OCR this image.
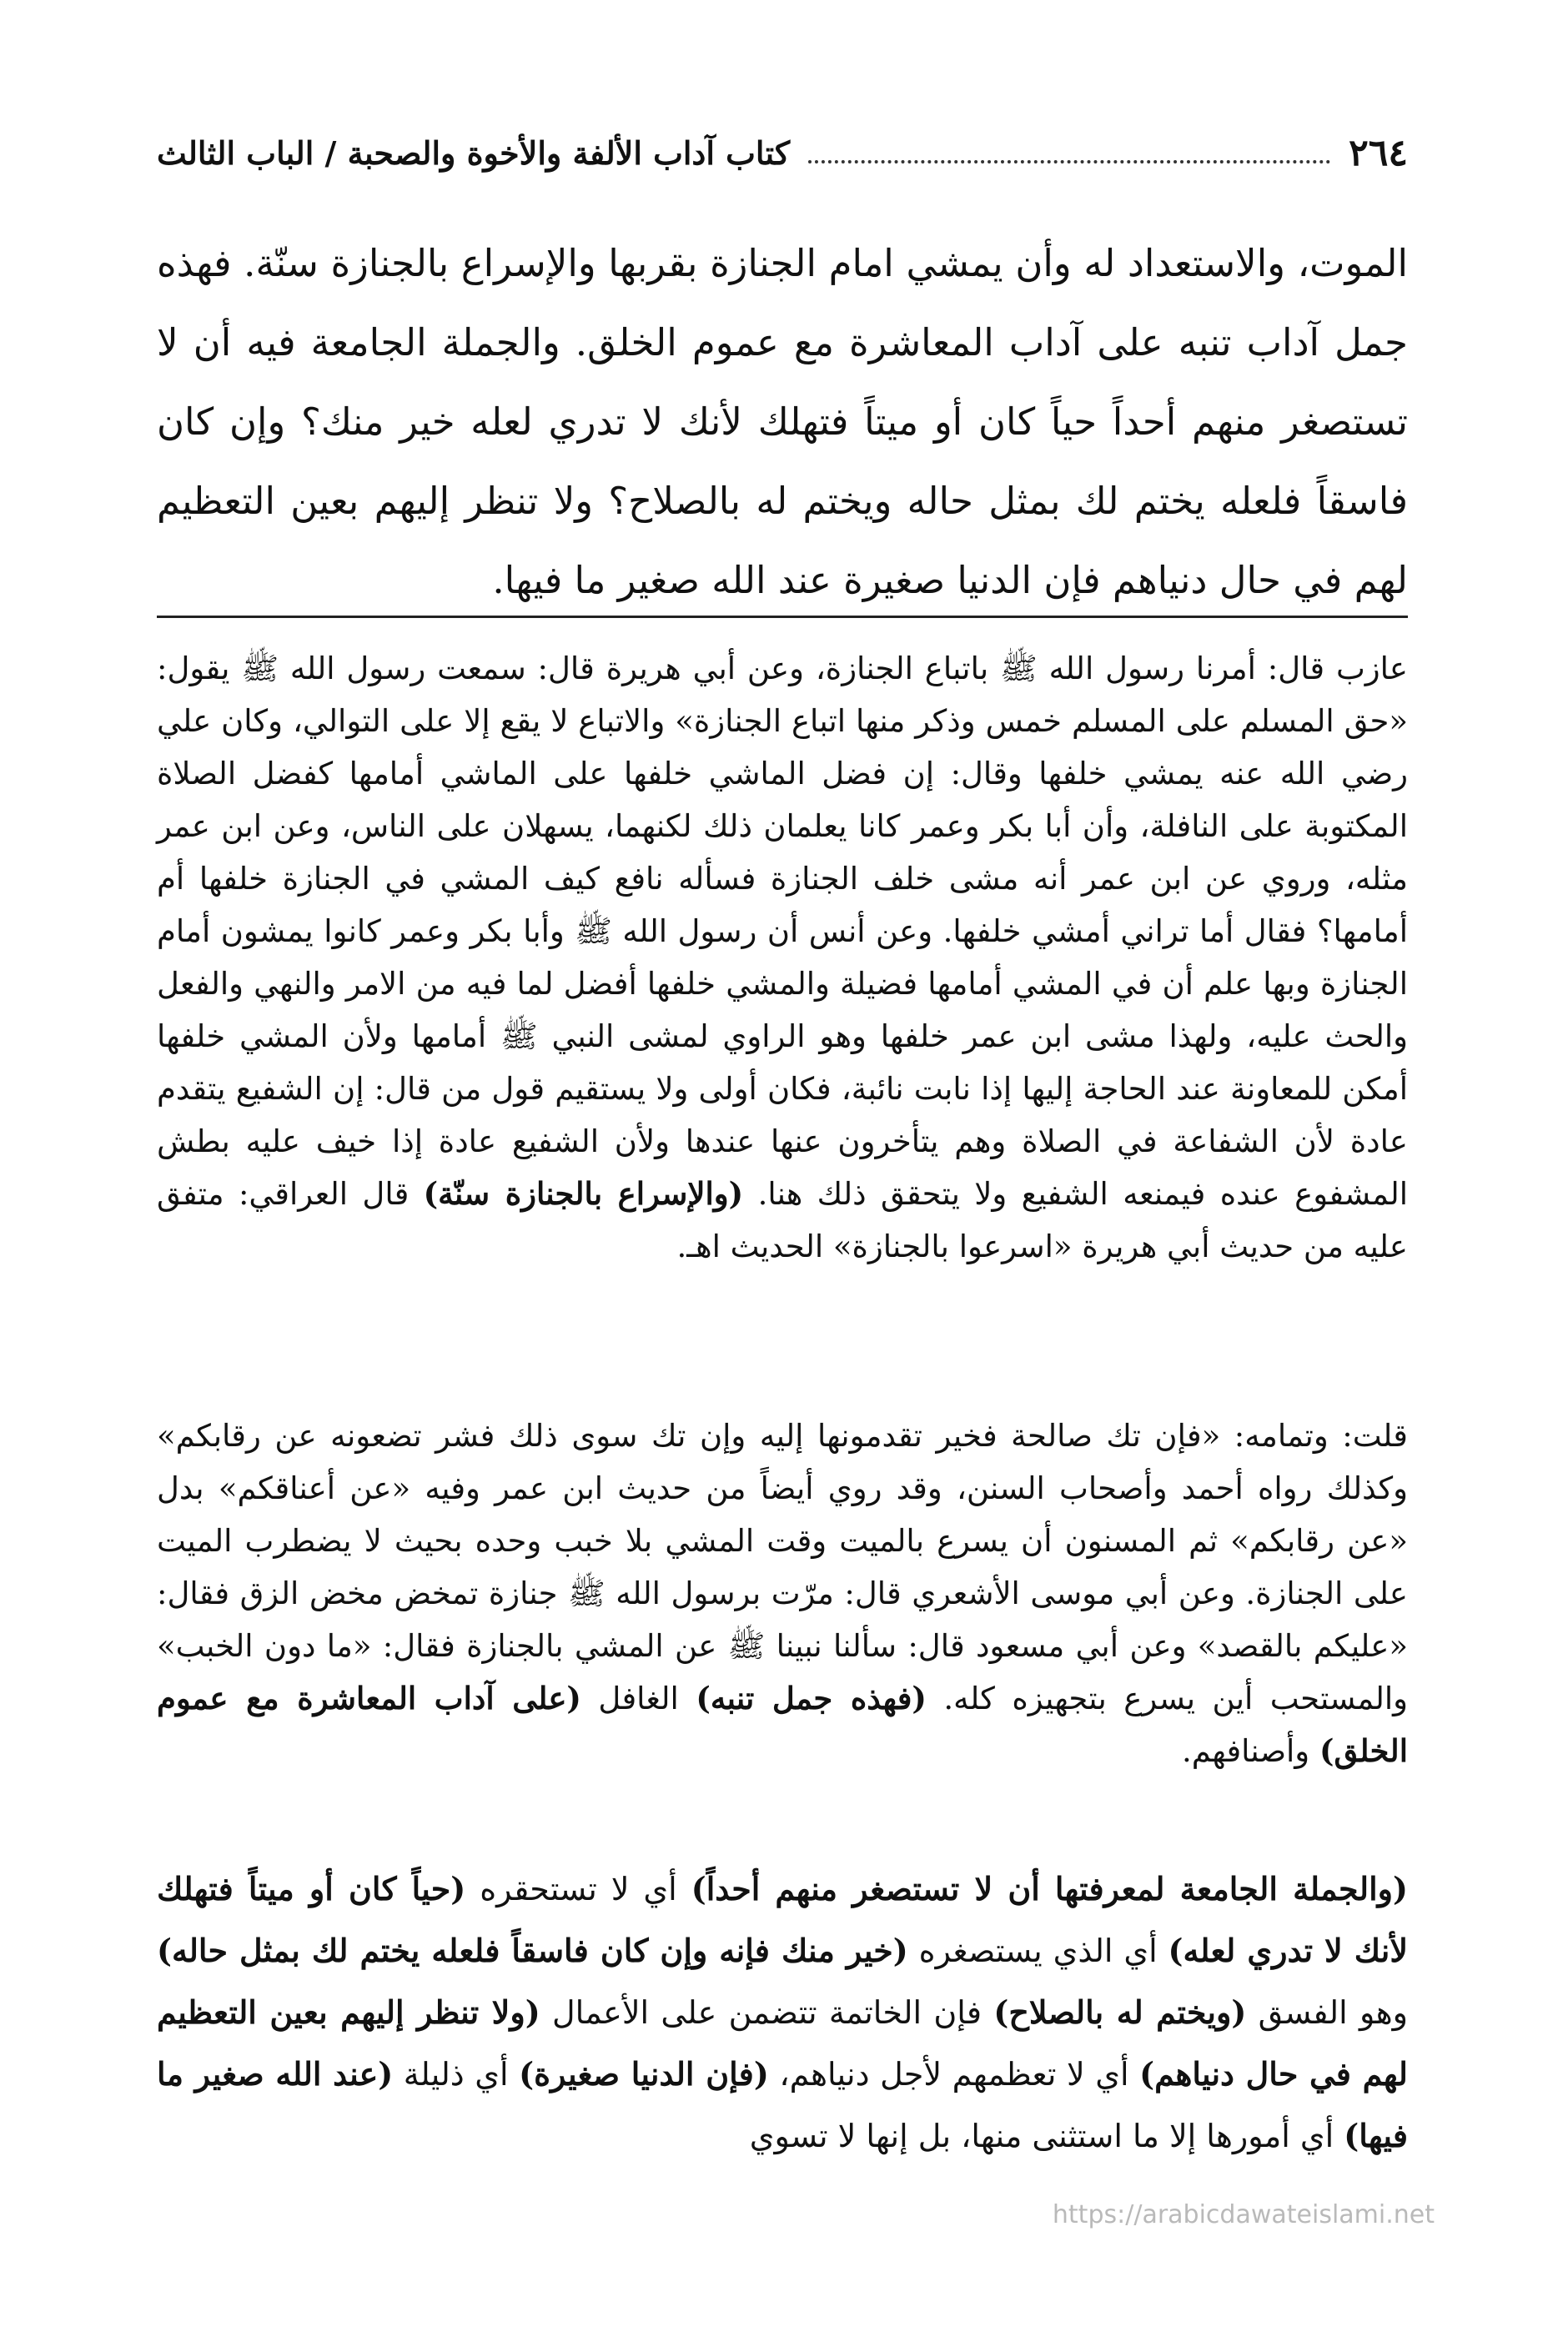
٢٦٤
كتاب آداب الألفة والأخوة والصحبة / الباب الثالث
الموت، والاستعداد له وأن يمشي امام الجنازة بقربها والإسراع بالجنازة سنّة. فهذه جمل آداب تنبه على آداب المعاشرة مع عموم الخلق. والجملة الجامعة فيه أن لا تستصغر منهم أحداً حياً كان أو ميتاً فتهلك لأنك لا تدري لعله خير منك؟ وإن كان فاسقاً فلعله يختم لك بمثل حاله ويختم له بالصلاح؟ ولا تنظر إليهم بعين التعظيم لهم في حال دنياهم فإن الدنيا صغيرة عند الله صغير ما فيها.
عازب قال: أمرنا رسول الله ﷺ باتباع الجنازة، وعن أبي هريرة قال: سمعت رسول الله ﷺ يقول: «حق المسلم على المسلم خمس وذكر منها اتباع الجنازة» والاتباع لا يقع إلا على التوالي، وكان علي رضي الله عنه يمشي خلفها وقال: إن فضل الماشي خلفها على الماشي أمامها كفضل الصلاة المكتوبة على النافلة، وأن أبا بكر وعمر كانا يعلمان ذلك لكنهما، يسهلان على الناس، وعن ابن عمر مثله، وروي عن ابن عمر أنه مشى خلف الجنازة فسأله نافع كيف المشي في الجنازة خلفها أم أمامها؟ فقال أما تراني أمشي خلفها. وعن أنس أن رسول الله ﷺ وأبا بكر وعمر كانوا يمشون أمام الجنازة وبها علم أن في المشي أمامها فضيلة والمشي خلفها أفضل لما فيه من الامر والنهي والفعل والحث عليه، ولهذا مشى ابن عمر خلفها وهو الراوي لمشى النبي ﷺ أمامها ولأن المشي خلفها أمكن للمعاونة عند الحاجة إليها إذا نابت نائبة، فكان أولى ولا يستقيم قول من قال: إن الشفيع يتقدم عادة لأن الشفاعة في الصلاة وهم يتأخرون عنها عندها ولأن الشفيع عادة إذا خيف عليه بطش المشفوع عنده فيمنعه الشفيع ولا يتحقق ذلك هنا. (والإسراع بالجنازة سنّة) قال العراقي: متفق عليه من حديث أبي هريرة «اسرعوا بالجنازة» الحديث اهـ.
قلت: وتمامه: «فإن تك صالحة فخير تقدمونها إليه وإن تك سوى ذلك فشر تضعونه عن رقابكم» وكذلك رواه أحمد وأصحاب السنن، وقد روي أيضاً من حديث ابن عمر وفيه «عن أعناقكم» بدل «عن رقابكم» ثم المسنون أن يسرع بالميت وقت المشي بلا خبب وحده بحيث لا يضطرب الميت على الجنازة. وعن أبي موسى الأشعري قال: مرّت برسول الله ﷺ جنازة تمخض مخض الزق فقال: «عليكم بالقصد» وعن أبي مسعود قال: سألنا نبينا ﷺ عن المشي بالجنازة فقال: «ما دون الخبب» والمستحب أين يسرع بتجهيزه كله. (فهذه جمل تنبه) الغافل (على آداب المعاشرة مع عموم الخلق) وأصنافهم.
(والجملة الجامعة لمعرفتها أن لا تستصغر منهم أحداً) أي لا تستحقره (حياً كان أو ميتاً فتهلك لأنك لا تدري لعله) أي الذي يستصغره (خير منك فإنه وإن كان فاسقاً فلعله يختم لك بمثل حاله) وهو الفسق (ويختم له بالصلاح) فإن الخاتمة تتضمن على الأعمال (ولا تنظر إليهم بعين التعظيم لهم في حال دنياهم) أي لا تعظمهم لأجل دنياهم، (فإن الدنيا صغيرة) أي ذليلة (عند الله صغير ما فيها) أي أمورها إلا ما استثنى منها، بل إنها لا تسوي
https://arabicdawateislami.net
